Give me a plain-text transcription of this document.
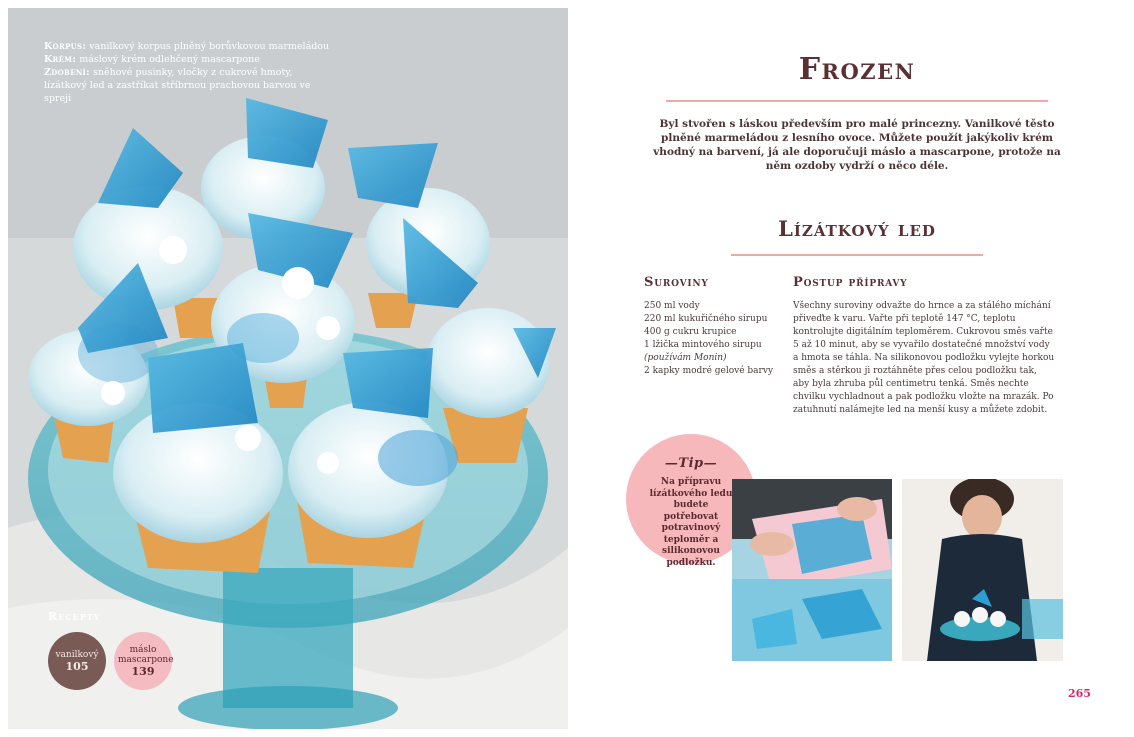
Korpus: vanilkový korpus plněný borůvkovou marmeládou
Krém: máslový krém odlehčený mascarpone
Zdobení: sněhové pusinky, vločky z cukrové hmoty, lízátkový led a zastříkat stříbrnou prachovou barvou ve spreji
Recepty
vanilkový
105
máslo mascarpone
139
Frozen

Byl stvořen s láskou především pro malé princezny. Vanilkové těsto plněné marmeládou z lesního ovoce. Můžete použít jakýkoliv krém vhodný na barvení, já ale doporučuji máslo a mascarpone, protože na něm ozdoby vydrží o něco déle.

Lízátkový led
Suroviny
250 ml vody
220 ml kukuřičného sirupu
400 g cukru krupice
1 lžička mintového sirupu
(používám Monin)
2 kapky modré gelové barvy
Postup přípravy

Všechny suroviny odvažte do hrnce a za stálého míchání přiveďte k varu. Vařte při teplotě 147 °C, teplotu kontrolujte digitálním teploměrem. Cukrovou směs vařte 5 až 10 minut, aby se vyvařilo dostatečné množství vody a hmota se táhla. Na silikonovou podložku vylejte horkou směs a stěrkou ji roztáhněte přes celou podložku tak, aby byla zhruba půl centimetru tenká. Směs nechte chvilku vychladnout a pak podložku vložte na mrazák. Po zatuhnutí nalámejte led na menší kusy a můžete zdobit.

—Tip—
Na přípravu lízátkového ledu budete potřebovat potravinový teploměr a silikonovou podložku.
265
